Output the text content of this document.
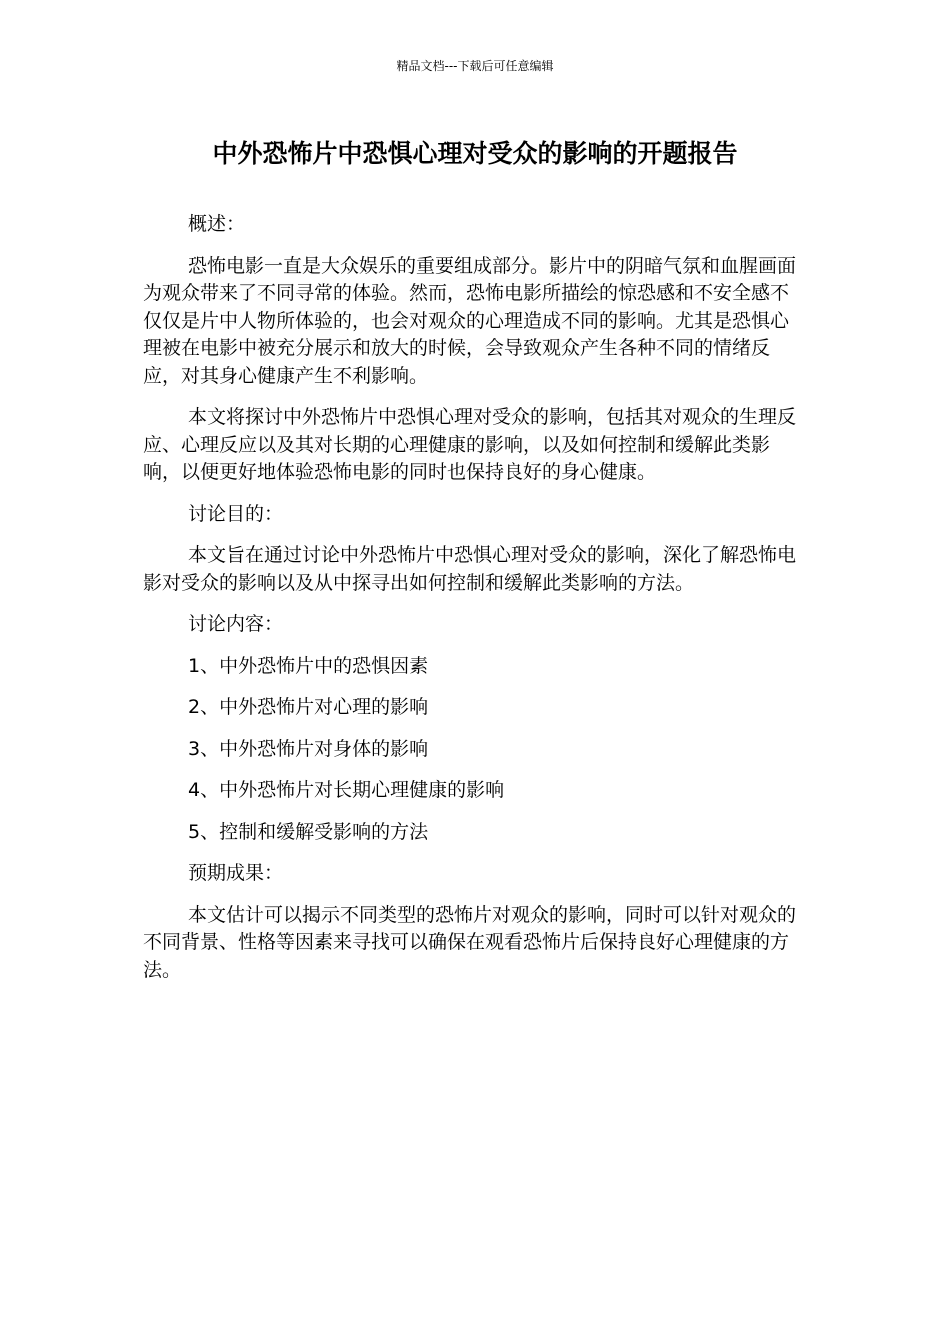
精品文档---下载后可任意编辑
中外恐怖片中恐惧心理对受众的影响的开题报告

概述：

恐怖电影一直是大众娱乐的重要组成部分。影片中的阴暗气氛和血腥画面为观众带来了不同寻常的体验。然而，恐怖电影所描绘的惊恐感和不安全感不仅仅是片中人物所体验的，也会对观众的心理造成不同的影响。尤其是恐惧心理被在电影中被充分展示和放大的时候，会导致观众产生各种不同的情绪反应，对其身心健康产生不利影响。

本文将探讨中外恐怖片中恐惧心理对受众的影响，包括其对观众的生理反应、心理反应以及其对长期的心理健康的影响，以及如何控制和缓解此类影响，以便更好地体验恐怖电影的同时也保持良好的身心健康。

讨论目的：

本文旨在通过讨论中外恐怖片中恐惧心理对受众的影响，深化了解恐怖电影对受众的影响以及从中探寻出如何控制和缓解此类影响的方法。

讨论内容：

1、中外恐怖片中的恐惧因素

2、中外恐怖片对心理的影响

3、中外恐怖片对身体的影响

4、中外恐怖片对长期心理健康的影响

5、控制和缓解受影响的方法

预期成果：

本文估计可以揭示不同类型的恐怖片对观众的影响，同时可以针对观众的不同背景、性格等因素来寻找可以确保在观看恐怖片后保持良好心理健康的方法。
